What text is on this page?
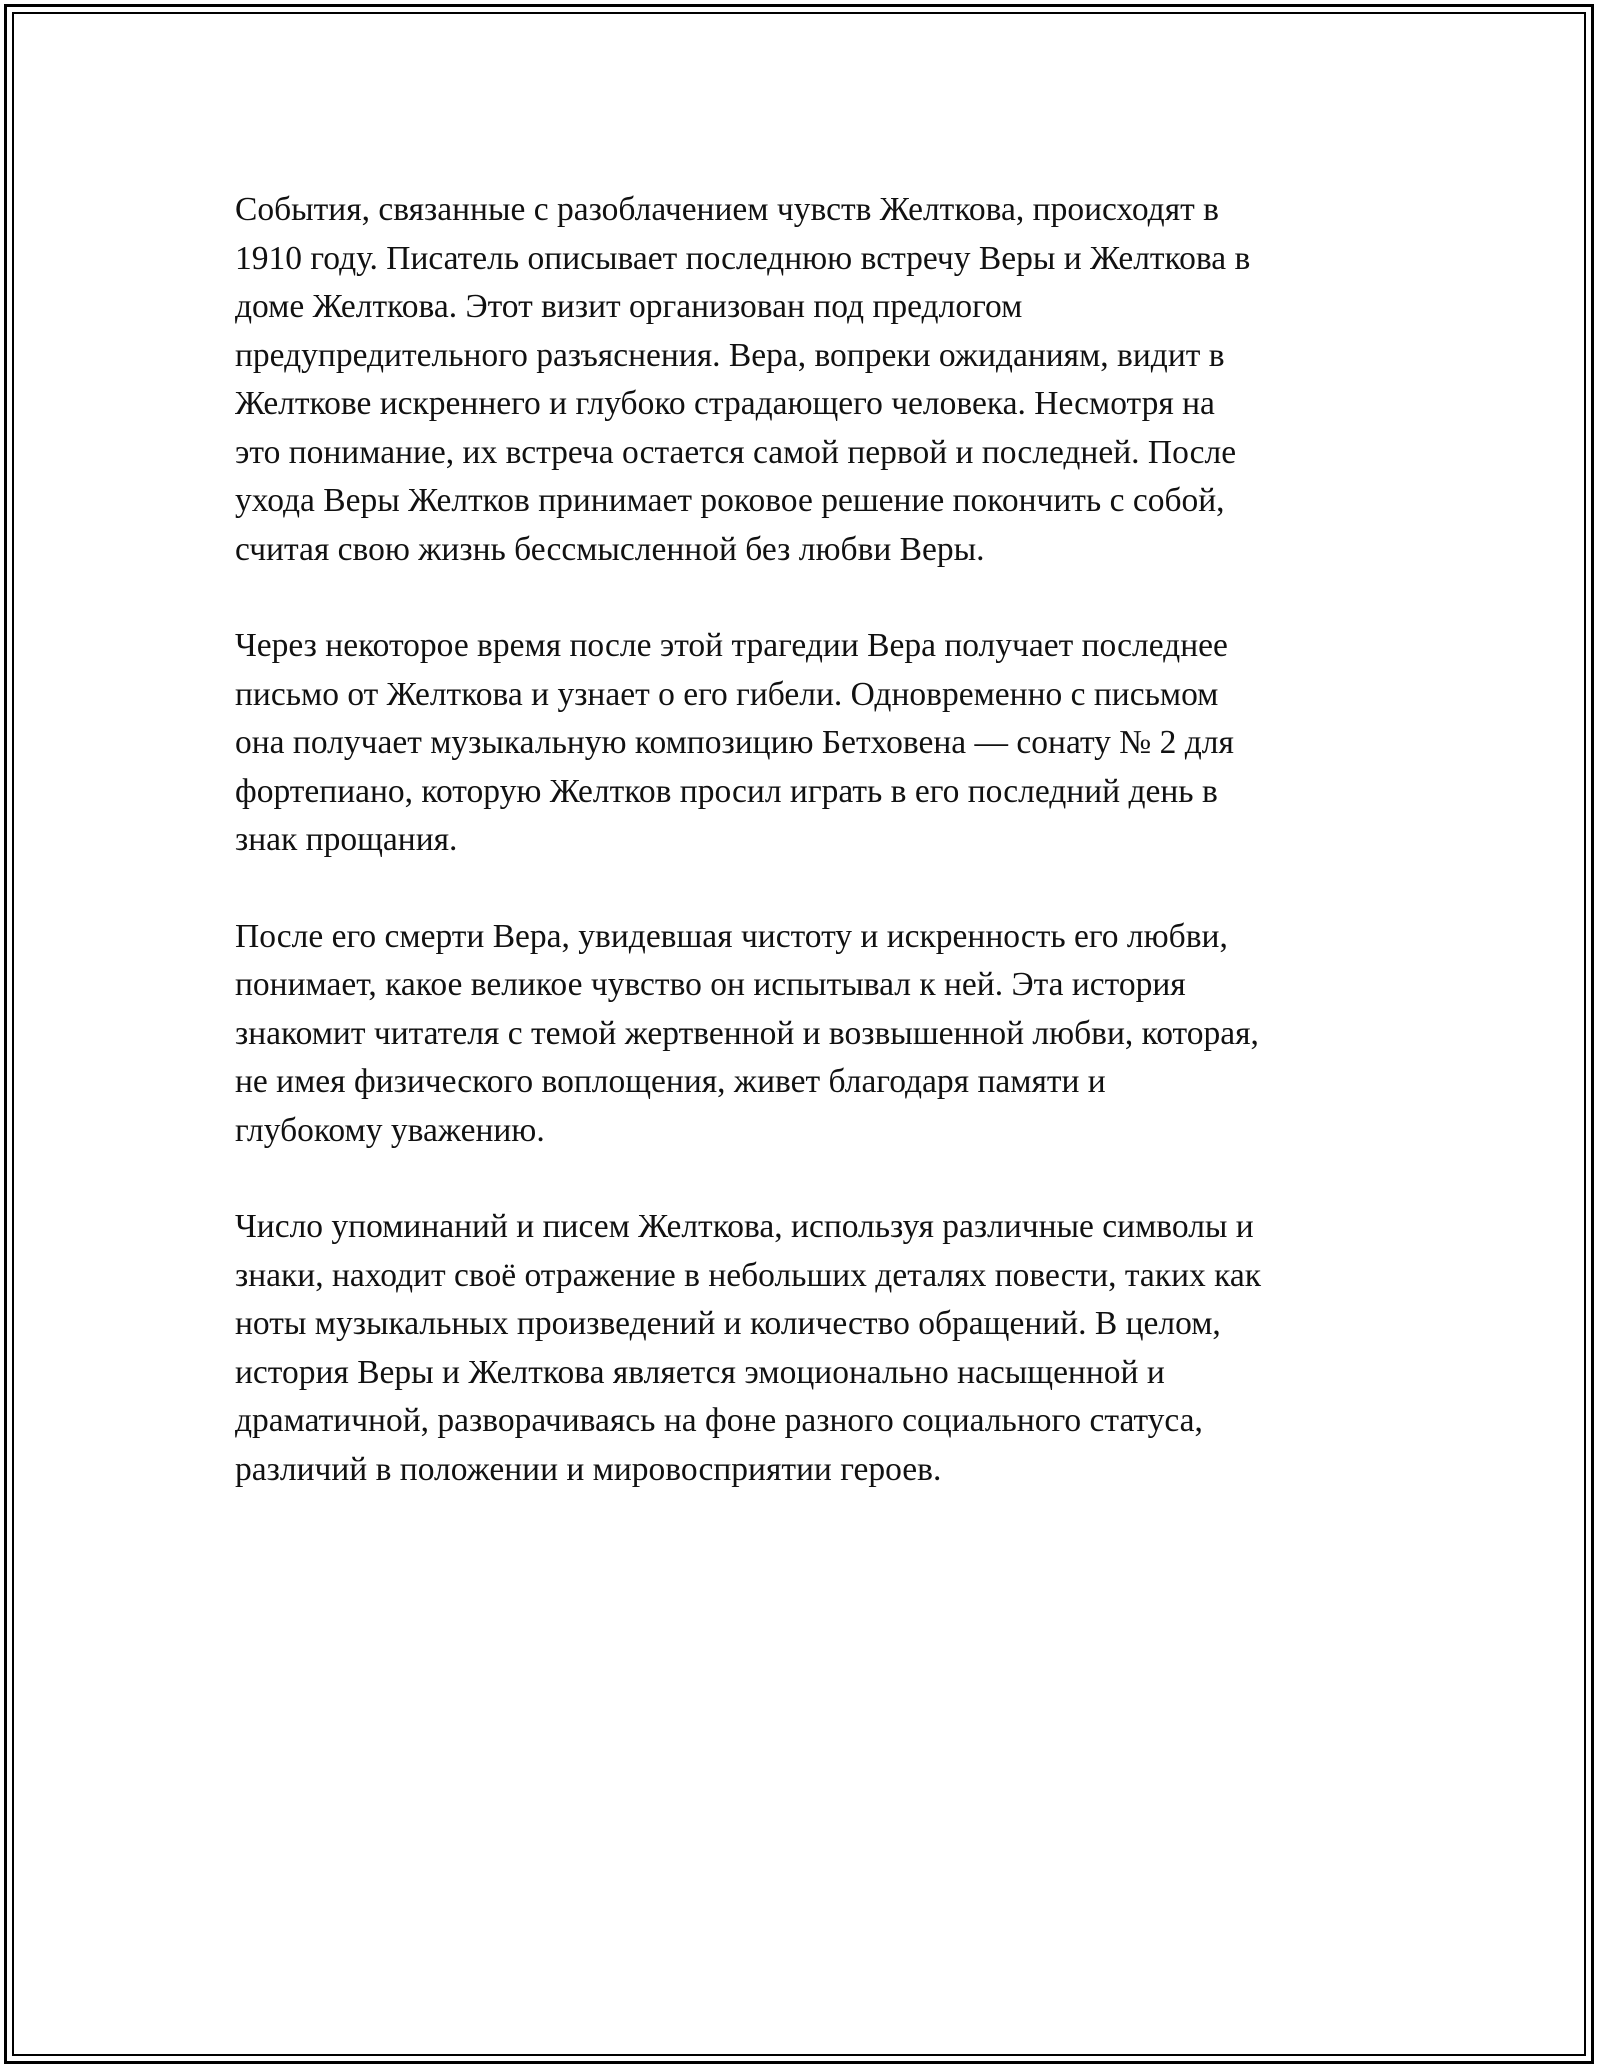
События, связанные с разоблачением чувств Желткова, происходят в
1910 году. Писатель описывает последнюю встречу Веры и Желткова в
доме Желткова. Этот визит организован под предлогом
предупредительного разъяснения. Вера, вопреки ожиданиям, видит в
Желткове искреннего и глубоко страдающего человека. Несмотря на
это понимание, их встреча остается самой первой и последней. После
ухода Веры Желтков принимает роковое решение покончить с собой,
считая свою жизнь бессмысленной без любви Веры.

Через некоторое время после этой трагедии Вера получает последнее
письмо от Желткова и узнает о его гибели. Одновременно с письмом
она получает музыкальную композицию Бетховена — сонату № 2 для
фортепиано, которую Желтков просил играть в его последний день в
знак прощания.

После его смерти Вера, увидевшая чистоту и искренность его любви,
понимает, какое великое чувство он испытывал к ней. Эта история
знакомит читателя с темой жертвенной и возвышенной любви, которая,
не имея физического воплощения, живет благодаря памяти и
глубокому уважению.

Число упоминаний и писем Желткова, используя различные символы и
знаки, находит своё отражение в небольших деталях повести, таких как
ноты музыкальных произведений и количество обращений. В целом,
история Веры и Желткова является эмоционально насыщенной и
драматичной, разворачиваясь на фоне разного социального статуса,
различий в положении и мировосприятии героев.
